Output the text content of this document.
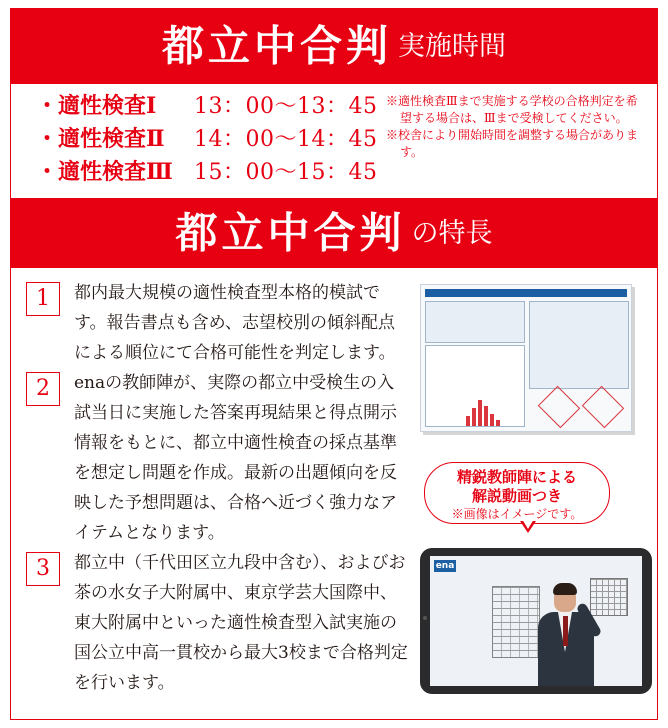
都立中合判 実施時間
・適性検査Ⅰ 13：00～13：45
・適性検査Ⅱ 14：00～14：45
・適性検査Ⅲ 15：00～15：45

※適性検査Ⅲまで実施する学校の合格判定を希望する場合は、Ⅲまで受検してください。

※校舎により開始時間を調整する場合があります。

都立中合判 の特長
1	都内最大規模の適性検査型本格的模試です。報告書点も含め、志望校別の傾斜配点による順位にて合格可能性を判定します。

2	enaの教師陣が、実際の都立中受検生の入試当日に実施した答案再現結果と得点開示情報をもとに、都立中適性検査の採点基準を想定し問題を作成。最新の出題傾向を反映した予想問題は、合格へ近づく強力なアイテムとなります。

3	都立中（千代田区立九段中含む）、およびお茶の水女子大附属中、東京学芸大国際中、東大附属中といった適性検査型入試実施の国公立中高一貫校から最大3校まで合格判定を行います。

精鋭教師陣による
解説動画つき
※画像はイメージです。
ena
